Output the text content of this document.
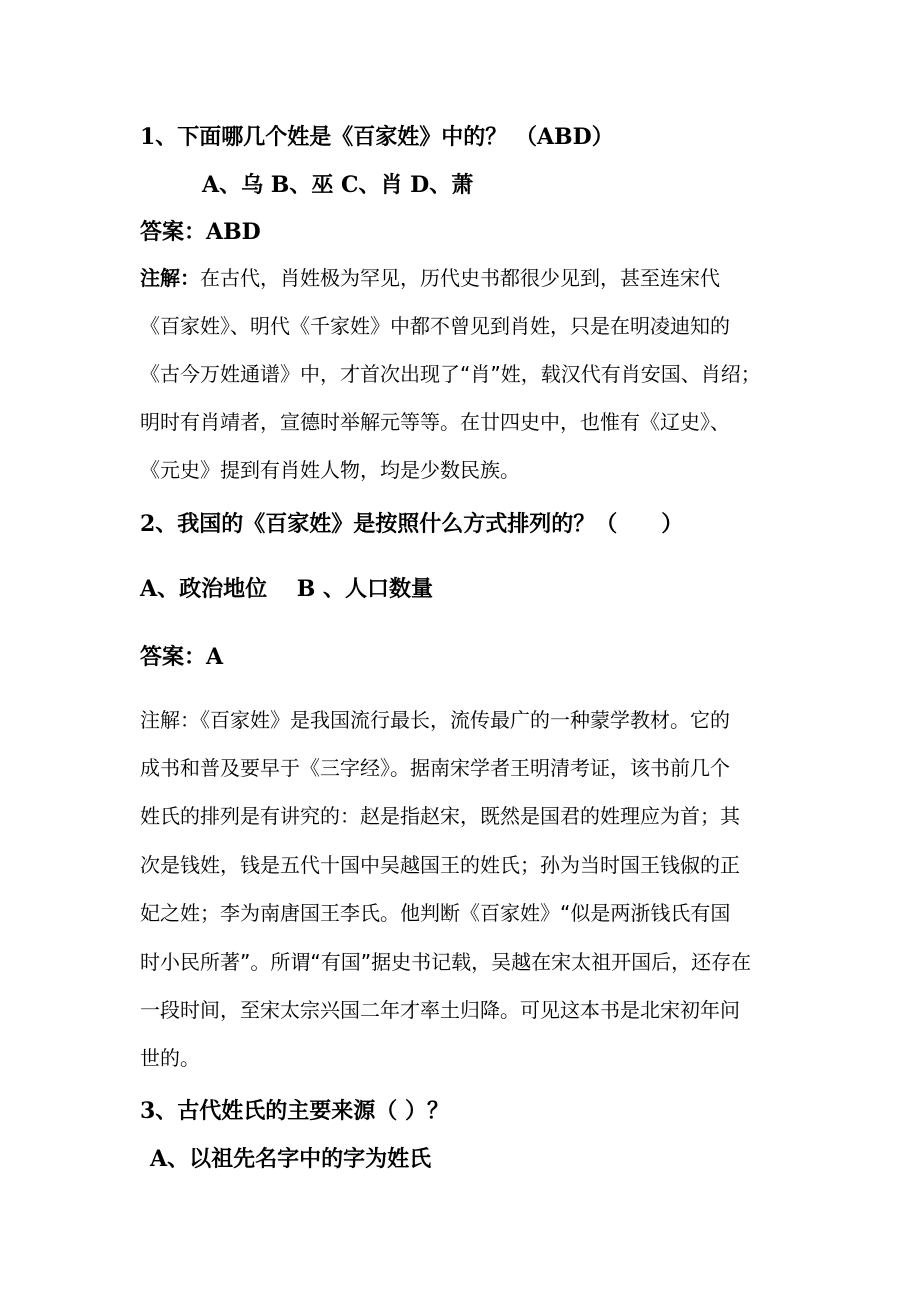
1、下面哪几个姓是《百家姓》中的？ （ABD）
A、乌 B、巫 C、肖 D、萧
答案：ABD
注解：在古代，肖姓极为罕见，历代史书都很少见到，甚至连宋代
《百家姓》、明代《千家姓》中都不曾见到肖姓，只是在明凌迪知的
《古今万姓通谱》中，才首次出现了“肖”姓，载汉代有肖安国、肖绍；
明时有肖靖者，宣德时举解元等等。在廿四史中，也惟有《辽史》、
《元史》提到有肖姓人物，均是少数民族。
2、我国的《百家姓》是按照什么方式排列的？（　　）
A、政治地位　 B 、人口数量
答案：A
注解：《百家姓》是我国流行最长，流传最广的一种蒙学教材。它的
成书和普及要早于《三字经》。据南宋学者王明清考证，该书前几个
姓氏的排列是有讲究的：赵是指赵宋，既然是国君的姓理应为首；其
次是钱姓，钱是五代十国中吴越国王的姓氏；孙为当时国王钱俶的正
妃之姓；李为南唐国王李氏。他判断《百家姓》“似是两浙钱氏有国
时小民所著”。所谓“有国”据史书记载，吴越在宋太祖开国后，还存在
一段时间，至宋太宗兴国二年才率土归降。可见这本书是北宋初年问
世的。
3、古代姓氏的主要来源（ ）？
A、以祖先名字中的字为姓氏
